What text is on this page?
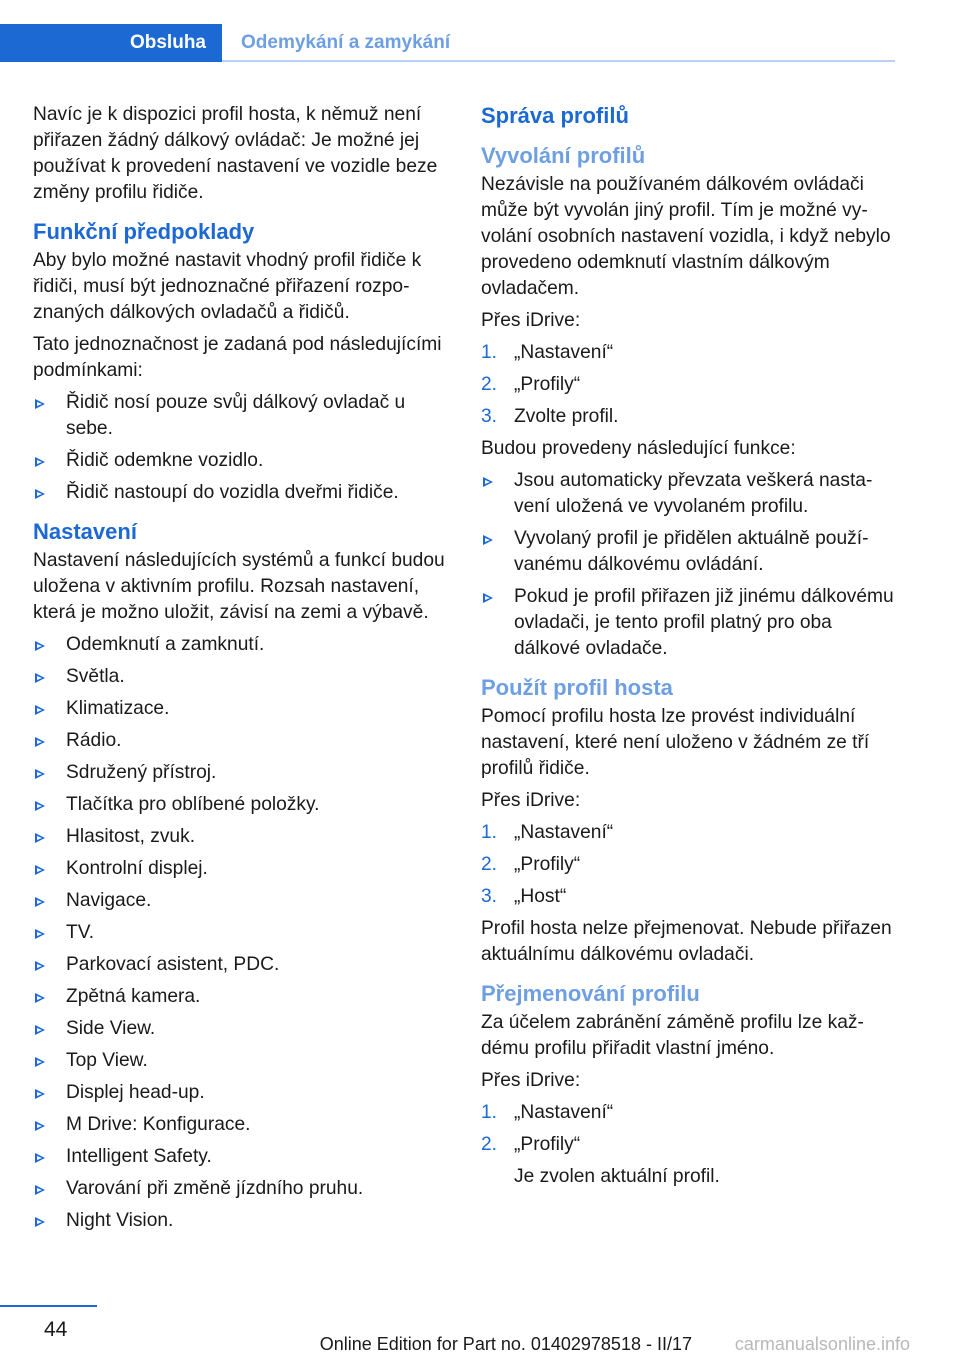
Obsluha	Odemykání a zamykání

Navíc je k dispozici profil hosta, k němuž není přiřazen žádný dálkový ovládač: Je možné jej používat k provedení nastavení ve vozidle beze změny profilu řidiče.

Funkční předpoklady

Aby bylo možné nastavit vhodný profil řidiče k řidiči, musí být jednoznačné přiřazení rozpoznaných dálkových ovladačů a řidičů.

Tato jednoznačnost je zadaná pod následujícími podmínkami:

Řidič nosí pouze svůj dálkový ovladač u sebe.
Řidič odemkne vozidlo.
Řidič nastoupí do vozidla dveřmi řidiče.
Nastavení

Nastavení následujících systémů a funkcí budou uložena v aktivním profilu. Rozsah nastavení, která je možno uložit, závisí na zemi a výbavě.

Odemknutí a zamknutí.
Světla.
Klimatizace.
Rádio.
Sdružený přístroj.
Tlačítka pro oblíbené položky.
Hlasitost, zvuk.
Kontrolní displej.
Navigace.
TV.
Parkovací asistent, PDC.
Zpětná kamera.
Side View.
Top View.
Displej head-up.
M Drive: Konfigurace.
Intelligent Safety.
Varování při změně jízdního pruhu.
Night Vision.
Správa profilů
Vyvolání profilů

Nezávisle na používaném dálkovém ovládači může být vyvolán jiný profil. Tím je možné vyvolání osobních nastavení vozidla, i když nebylo provedeno odemknutí vlastním dálkovým ovladačem.

Přes iDrive:

1. „Nastavení“
2. „Profily“
3. Zvolte profil.

Budou provedeny následující funkce:

Jsou automaticky převzata veškerá nastavení uložená ve vyvolaném profilu.
Vyvolaný profil je přidělen aktuálně používanému dálkovému ovládání.
Pokud je profil přiřazen již jinému dálkovému ovladači, je tento profil platný pro oba dálkové ovladače.
Použít profil hosta

Pomocí profilu hosta lze provést individuální nastavení, které není uloženo v žádném ze tří profilů řidiče.

Přes iDrive:

1. „Nastavení“
2. „Profily“
3. „Host“

Profil hosta nelze přejmenovat. Nebude přiřazen aktuálnímu dálkovému ovladači.

Přejmenování profilu

Za účelem zabránění záměně profilu lze každému profilu přiřadit vlastní jméno.

Přes iDrive:

1. „Nastavení“
2. „Profily“
Je zvolen aktuální profil.
44
Online Edition for Part no. 01402978518 - II/17 carmanualsonline.info
